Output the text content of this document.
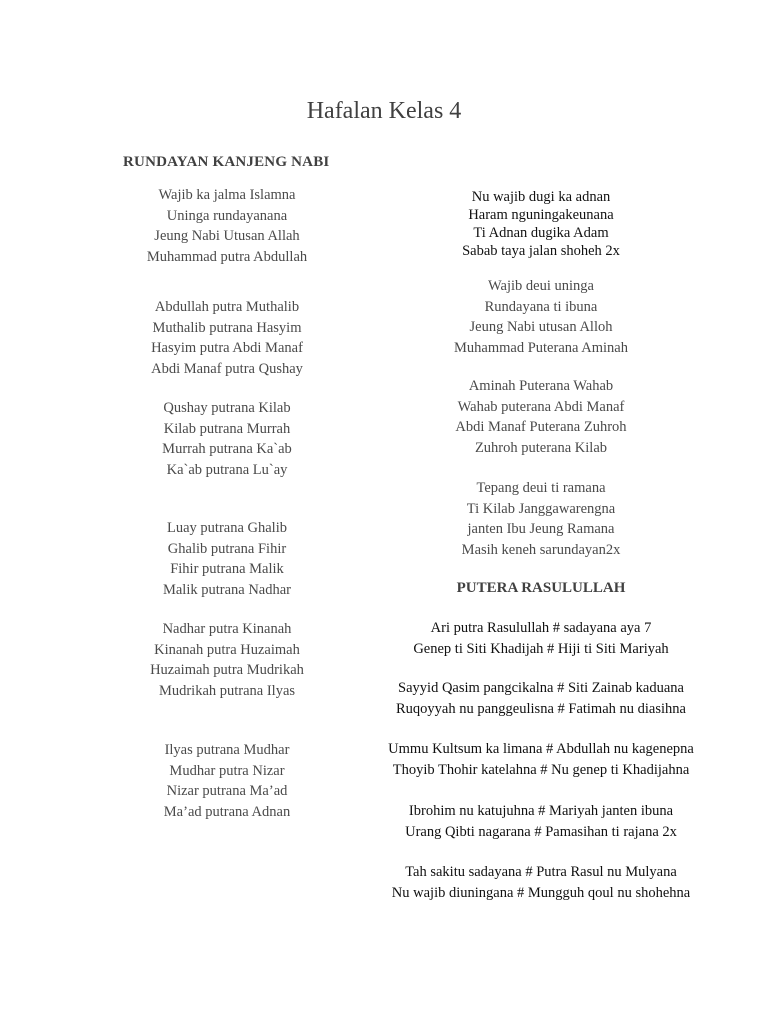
Hafalan Kelas 4
RUNDAYAN KANJENG NABI
Wajib ka jalma Islamna
Uninga rundayanana
Jeung Nabi Utusan Allah
Muhammad putra Abdullah
Abdullah putra Muthalib
Muthalib putrana Hasyim
Hasyim putra Abdi Manaf
Abdi Manaf putra Qushay
Qushay putrana Kilab
Kilab putrana Murrah
Murrah putrana Ka`ab
Ka`ab putrana Lu`ay
Luay putrana Ghalib
Ghalib putrana Fihir
Fihir putrana Malik
Malik putrana Nadhar
Nadhar putra Kinanah
Kinanah putra Huzaimah
Huzaimah putra Mudrikah
Mudrikah putrana Ilyas
Ilyas putrana Mudhar
Mudhar putra Nizar
Nizar putrana Ma’ad
Ma’ad putrana Adnan
Nu wajib dugi ka adnan
Haram nguningakeunana
Ti Adnan dugika Adam
Sabab taya jalan shoheh 2x
Wajib deui uninga
Rundayana ti ibuna
Jeung Nabi utusan Alloh
Muhammad Puterana Aminah
Aminah Puterana Wahab
Wahab puterana Abdi Manaf
Abdi Manaf Puterana Zuhroh
Zuhroh puterana Kilab
Tepang deui ti ramana
Ti Kilab Janggawarengna
janten Ibu Jeung Ramana
Masih keneh sarundayan2x
PUTERA RASULULLAH
Ari putra Rasulullah # sadayana aya 7
Genep ti Siti Khadijah # Hiji ti Siti Mariyah
Sayyid Qasim pangcikalna # Siti Zainab kaduana
Ruqoyyah nu panggeulisna # Fatimah nu diasihna
Ummu Kultsum ka limana # Abdullah nu kagenepna
Thoyib Thohir katelahna # Nu genep ti Khadijahna
Ibrohim nu katujuhna # Mariyah janten ibuna
Urang Qibti nagarana # Pamasihan ti rajana 2x
Tah sakitu sadayana # Putra Rasul nu Mulyana
Nu wajib diuningana # Mungguh qoul nu shohehna
